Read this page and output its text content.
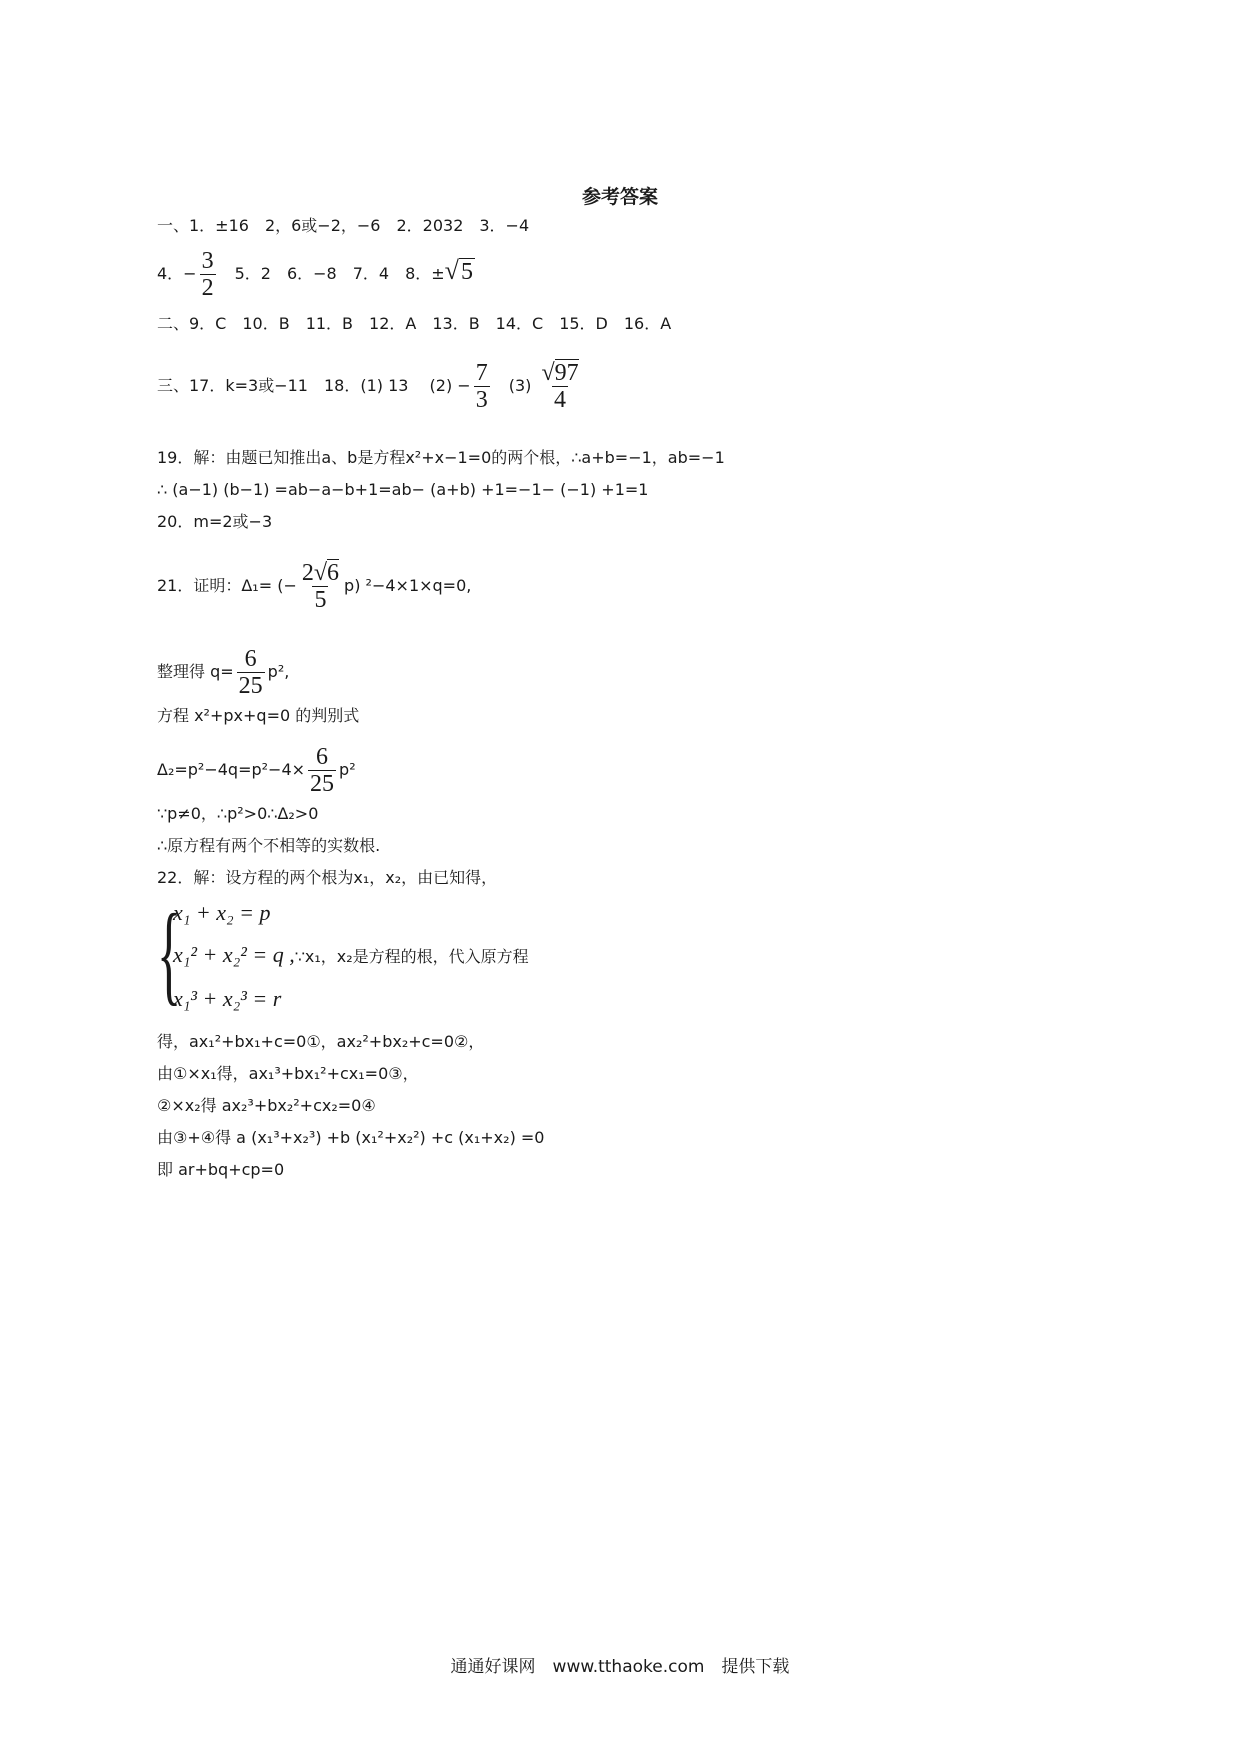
参考答案
一、1．±16　2，6或−2，−6　2．2032　3．−4
4．− $\frac{3}{2}$ 　5．2　6．−8　7．4　8．±√5
二、9．C　10．B　11．B　12．A　13．B　14．C　15．D　16．A
三、17．k=3或−11　18．(1) 13　 $(2) - \frac{7}{3}$ 　$(3) \frac{√97}{4}$
19．解：由题已知推出a、b是方程x²+x−1=0的两个根，∴a+b=−1，ab=−1
∴ (a−1) (b−1) =ab−a−b+1=ab− (a+b) +1=−1− (−1) +1=1
20．m=2或−3
21．证明：Δ₁= (− $\frac{2√6}{5} p$) ²−4×1×q=0,
整理得 $q= \frac{6}{25} p^2$,
方程 x²+px+q=0 的判别式
$\Delta_2=p^2-4q=p^2-4\times \frac{6}{25} p^2$
∵p≠0，∴p²>0∴Δ₂>0
∴原方程有两个不相等的实数根.
22．解：设方程的两个根为x₁，x₂，由已知得，
{
x₁ + x₂ = p
x₁² + x₂² = q ,∵x₁，x₂是方程的根，代入原方程
x₁³ + x₂³ = r
得，ax₁²+bx₁+c=0①，ax₂²+bx₂+c=0②，
由①×x₁得，ax₁³+bx₁²+cx₁=0③，
②×x₂得 ax₂³+bx₂²+cx₂=0④
由③+④得 a (x₁³+x₂³) +b (x₁²+x₂²) +c (x₁+x₂) =0
即 ar+bq+cp=0
通通好课网　www.tthaoke.com　提供下载
